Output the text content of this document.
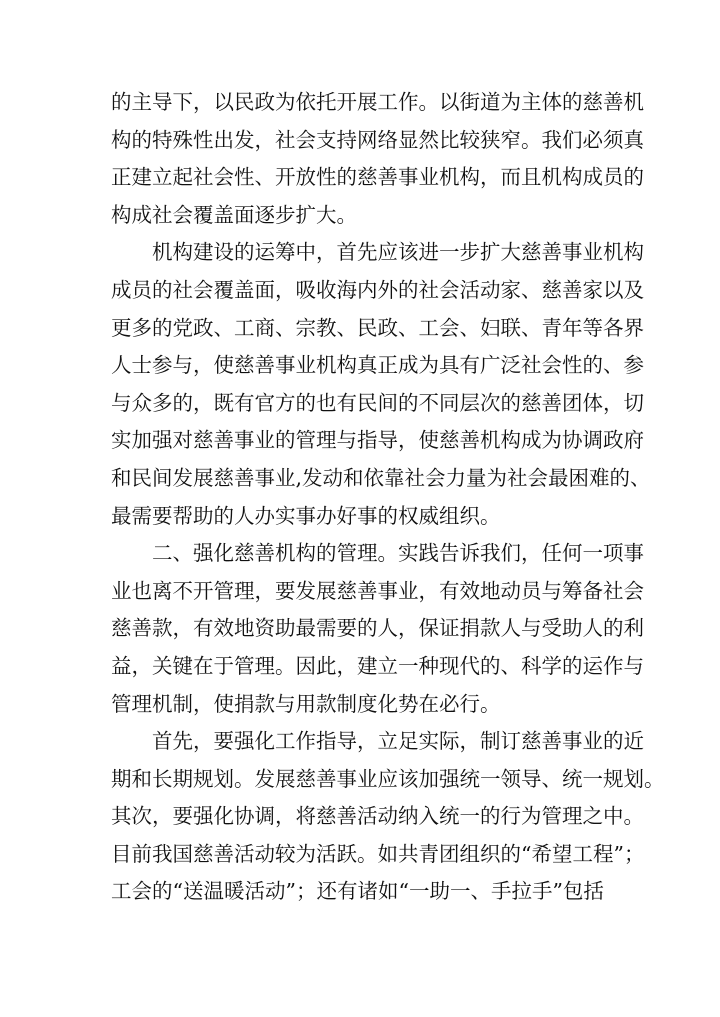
的主导下，以民政为依托开展工作。以街道为主体的慈善机
构的特殊性出发，社会支持网络显然比较狭窄。我们必须真
正建立起社会性、开放性的慈善事业机构，而且机构成员的
构成社会覆盖面逐步扩大。
机构建设的运筹中，首先应该进一步扩大慈善事业机构
成员的社会覆盖面，吸收海内外的社会活动家、慈善家以及
更多的党政、工商、宗教、民政、工会、妇联、青年等各界
人士参与，使慈善事业机构真正成为具有广泛社会性的、参
与众多的，既有官方的也有民间的不同层次的慈善团体，切
实加强对慈善事业的管理与指导，使慈善机构成为协调政府
和民间发展慈善事业,发动和依靠社会力量为社会最困难的、
最需要帮助的人办实事办好事的权威组织。
二、强化慈善机构的管理。实践告诉我们，任何一项事
业也离不开管理，要发展慈善事业，有效地动员与筹备社会
慈善款，有效地资助最需要的人，保证捐款人与受助人的利
益，关键在于管理。因此，建立一种现代的、科学的运作与
管理机制，使捐款与用款制度化势在必行。
首先，要强化工作指导，立足实际，制订慈善事业的近
期和长期规划。发展慈善事业应该加强统一领导、统一规划。
其次，要强化协调，将慈善活动纳入统一的行为管理之中。
目前我国慈善活动较为活跃。如共青团组织的“希望工程”；
工会的“送温暖活动”；还有诸如“一助一、手拉手”包括
